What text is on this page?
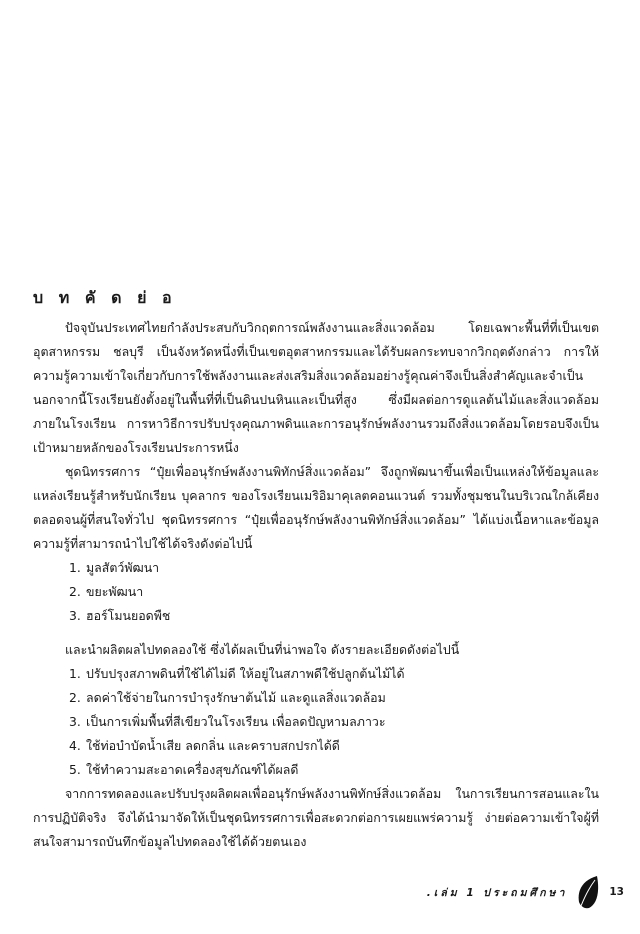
บ ท คั ด ย่ อ

ปัจจุบันประเทศไทยกำลังประสบกับวิกฤตการณ์พลังงานและสิ่งแวดล้อม โดยเฉพาะพื้นที่ที่เป็นเขตอุตสาหกรรม ชลบุรี เป็นจังหวัดหนึ่งที่เป็นเขตอุตสาหกรรมและได้รับผลกระทบจากวิกฤตดังกล่าว การให้ความรู้ความเข้าใจเกี่ยวกับการใช้พลังงานและส่งเสริมสิ่งแวดล้อมอย่างรู้คุณค่าจึงเป็นสิ่งสำคัญและจำเป็น นอกจากนี้โรงเรียนยังตั้งอยู่ในพื้นที่ที่เป็นดินปนหินและเป็นที่สูง ซึ่งมีผลต่อการดูแลต้นไม้และสิ่งแวดล้อมภายในโรงเรียน การหาวิธีการปรับปรุงคุณภาพดินและการอนุรักษ์พลังงานรวมถึงสิ่งแวดล้อมโดยรอบจึงเป็นเป้าหมายหลักของโรงเรียนประการหนึ่ง

ชุดนิทรรศการ “ปุ๋ยเพื่ออนุรักษ์พลังงานพิทักษ์สิ่งแวดล้อม” จึงถูกพัฒนาขึ้นเพื่อเป็นแหล่งให้ข้อมูลและแหล่งเรียนรู้สำหรับนักเรียน บุคลากร ของโรงเรียนเมริอิมาคุเลตคอนแวนต์ รวมทั้งชุมชนในบริเวณใกล้เคียง ตลอดจนผู้ที่สนใจทั่วไป ชุดนิทรรศการ “ปุ๋ยเพื่ออนุรักษ์พลังงานพิทักษ์สิ่งแวดล้อม” ได้แบ่งเนื้อหาและข้อมูลความรู้ที่สามารถนำไปใช้ได้จริงดังต่อไปนี้

1. มูลสัตว์พัฒนา
2. ขยะพัฒนา
3. ฮอร์โมนยอดพืช

และนำผลิตผลไปทดลองใช้ ซึ่งได้ผลเป็นที่น่าพอใจ ดังรายละเอียดดังต่อไปนี้

1. ปรับปรุงสภาพดินที่ใช้ได้ไม่ดี ให้อยู่ในสภาพดีใช้ปลูกต้นไม้ได้
2. ลดค่าใช้จ่ายในการบำรุงรักษาต้นไม้ และดูแลสิ่งแวดล้อม
3. เป็นการเพิ่มพื้นที่สีเขียวในโรงเรียน เพื่อลดปัญหามลภาวะ
4. ใช้ท่อบำบัดน้ำเสีย ลดกลิ่น และคราบสกปรกได้ดี
5. ใช้ทำความสะอาดเครื่องสุขภัณฑ์ได้ผลดี

จากการทดลองและปรับปรุงผลิตผลเพื่ออนุรักษ์พลังงานพิทักษ์สิ่งแวดล้อม ในการเรียนการสอนและในการปฏิบัติจริง จึงได้นำมาจัดให้เป็นชุดนิทรรศการเพื่อสะดวกต่อการเผยแพร่ความรู้ ง่ายต่อความเข้าใจผู้ที่สนใจสามารถบันทึกข้อมูลไปทดลองใช้ได้ด้วยตนเอง

.เล่ม 1 ประถมศึกษา	13
